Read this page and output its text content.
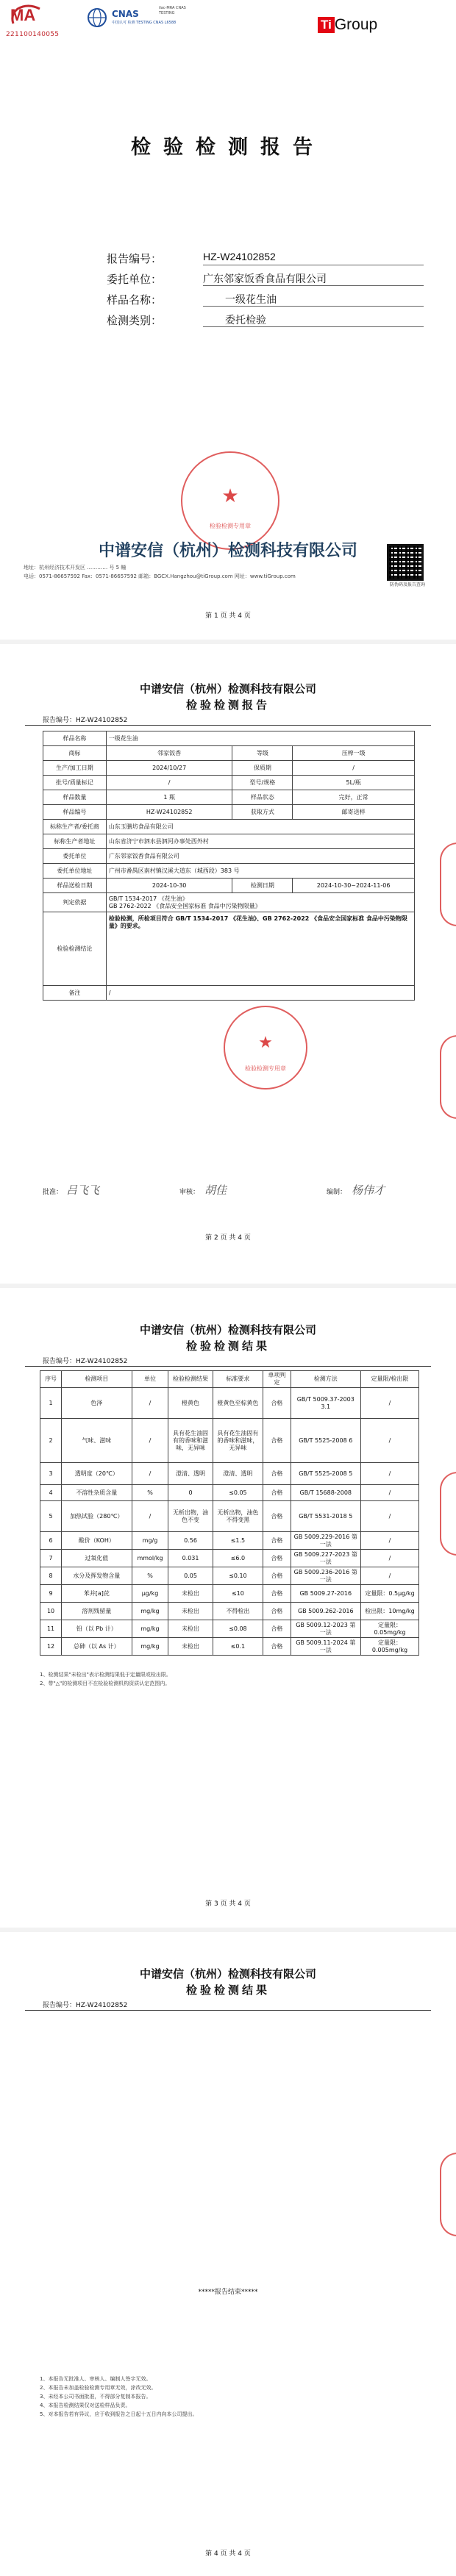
MA
221100140055
CNAS
中国认可 检测 TESTING CNAS L6588
ilac-MRA CNAS TESTING
Ti Group
检验检测报告
报告编号：	HZ-W24102852
委托单位：	广东邻家饭香食品有限公司
样品名称：	一级花生油
检测类别：	委托检验
★
检验检测专用章
中谱安信（杭州）检测科技有限公司
地址：杭州经济技术开发区 ………… 号 5 幢
电话：0571-86657592 Fax：0571-86657592 邮箱：BGCX.Hangzhou@tiGroup.com 网址：www.tiGroup.com
防伪码及报告查询
第 1 页 共 4 页
中谱安信（杭州）检测科技有限公司
检验检测报告
报告编号：HZ-W24102852
样品名称	一级花生油		
商标	邻家饭香	等级	压榨一级
生产/加工日期	2024/10/27	保质期	/
批号/质量标记	/	型号/规格	5L/瓶
样品数量	1 瓶	样品状态	完好，正常
样品编号	HZ-W24102852	获取方式	邮寄送样
标称生产者/委托商	山东玉膳坊食品有限公司		
标称生产者地址	山东省济宁市泗水县泗河办事处西外村		
委托单位	广东邻家饭香食品有限公司		
委托单位地址	广州市番禺区南村镇汉溪大道东（城西段）383 号		
样品送检日期	2024-10-30	检测日期	2024-10-30~2024-11-06
判定依据	GB/T 1534-2017 《花生油》
GB 2762-2022 《食品安全国家标准 食品中污染物限量》		

检验检测结论	检验检测，所检项目符合 GB/T 1534-2017 《花生油》、GB 2762-2022 《食品安全国家标准 食品中污染物限量》的要求。		
备注	/		
★
检验检测专用章
批准： 吕飞飞	审核： 胡佳	编制： 杨伟才
第 2 页 共 4 页
中谱安信（杭州）检测科技有限公司
检验检测结果
报告编号：HZ-W24102852
序号	检测项目	单位	检验检测结果	标准要求	单项判定	检测方法	定量限/检出限
1	色泽	/	橙黄色	橙黄色至棕黄色	合格	GB/T 5009.37-2003 3.1	/
2	气味、滋味	/	具有花生油固有的香味和滋味，无异味	具有花生油固有的香味和滋味，无异味	合格	GB/T 5525-2008 6	/
3	透明度（20℃）	/	澄清、透明	澄清、透明	合格	GB/T 5525-2008 5	/
4	不溶性杂质含量	%	0	≤0.05	合格	GB/T 15688-2008	/
5	加热试验（280℃）	/	无析出物，油色不变	无析出物，油色不得变黑	合格	GB/T 5531-2018 5	/
6	酸价（KOH）	mg/g	0.56	≤1.5	合格	GB 5009.229-2016 第一法	/
7	过氧化值	mmol/kg	0.031	≤6.0	合格	GB 5009.227-2023 第一法	/
8	水分及挥发物含量	%	0.05	≤0.10	合格	GB 5009.236-2016 第一法	/
9	苯并[a]芘	μg/kg	未检出	≤10	合格	GB 5009.27-2016	定量限：0.5μg/kg
10	溶剂残留量	mg/kg	未检出	不得检出	合格	GB 5009.262-2016	检出限：10mg/kg
11	铅（以 Pb 计）	mg/kg	未检出	≤0.08	合格	GB 5009.12-2023 第一法	定量限：0.05mg/kg
12	总砷（以 As 计）	mg/kg	未检出	≤0.1	合格	GB 5009.11-2024 第一法	定量限：0.005mg/kg
1、检测结果"未检出"表示检测结果低于定量限或检出限。
2、带"△"的检测项目不在检验检测机构资质认定范围内。
第 3 页 共 4 页
中谱安信（杭州）检测科技有限公司
检验检测结果
报告编号：HZ-W24102852
*****报告结束*****
1、本报告无批准人、审核人、编制人签字无效。
2、本报告未加盖检验检测专用章无效，涂改无效。
3、未经本公司书面批准，不得部分复制本报告。
4、本报告检测结果仅对送检样品负责。
5、对本报告若有异议，应于收到报告之日起十五日内向本公司提出。
第 4 页 共 4 页
